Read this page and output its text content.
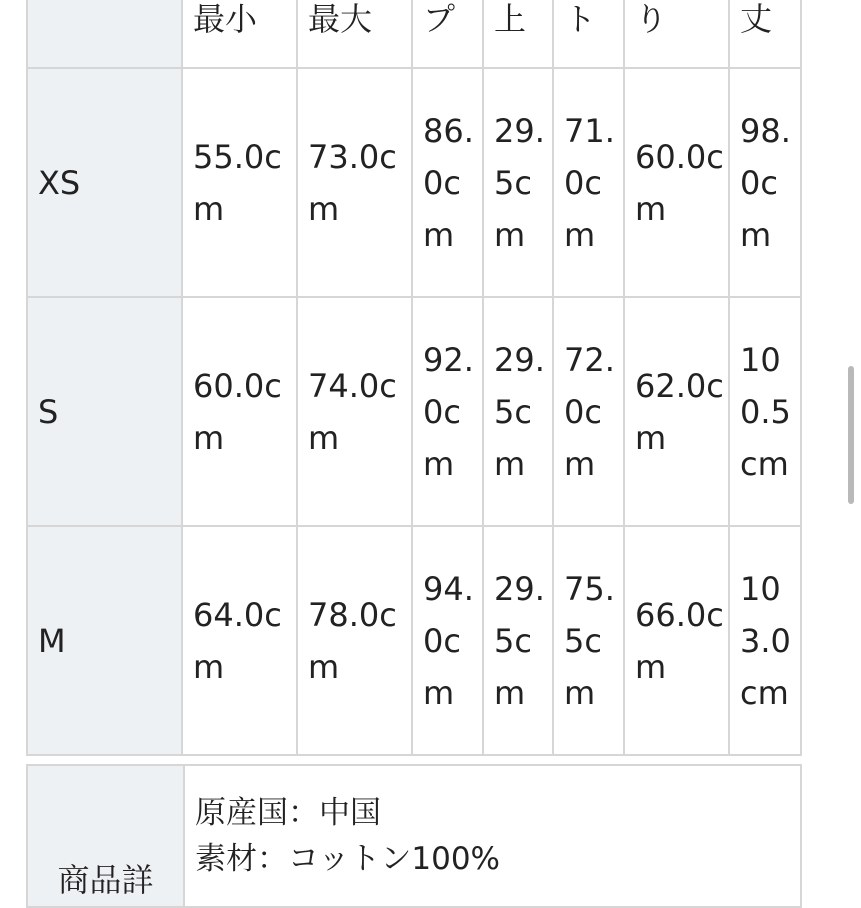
	最小	最大	プ	上	ト	り	丈
XS	55.0cm	73.0cm	86.0cm	29.5cm	71.0cm	60.0cm	98.0cm

S	60.0cm	74.0cm	92.0cm	29.5cm	72.0cm	62.0cm	100.5cm

M	64.0cm	78.0cm	94.0cm	29.5cm	75.5cm	66.0cm	103.0cm
商品詳	
原産国：中国
素材：コットン100%
